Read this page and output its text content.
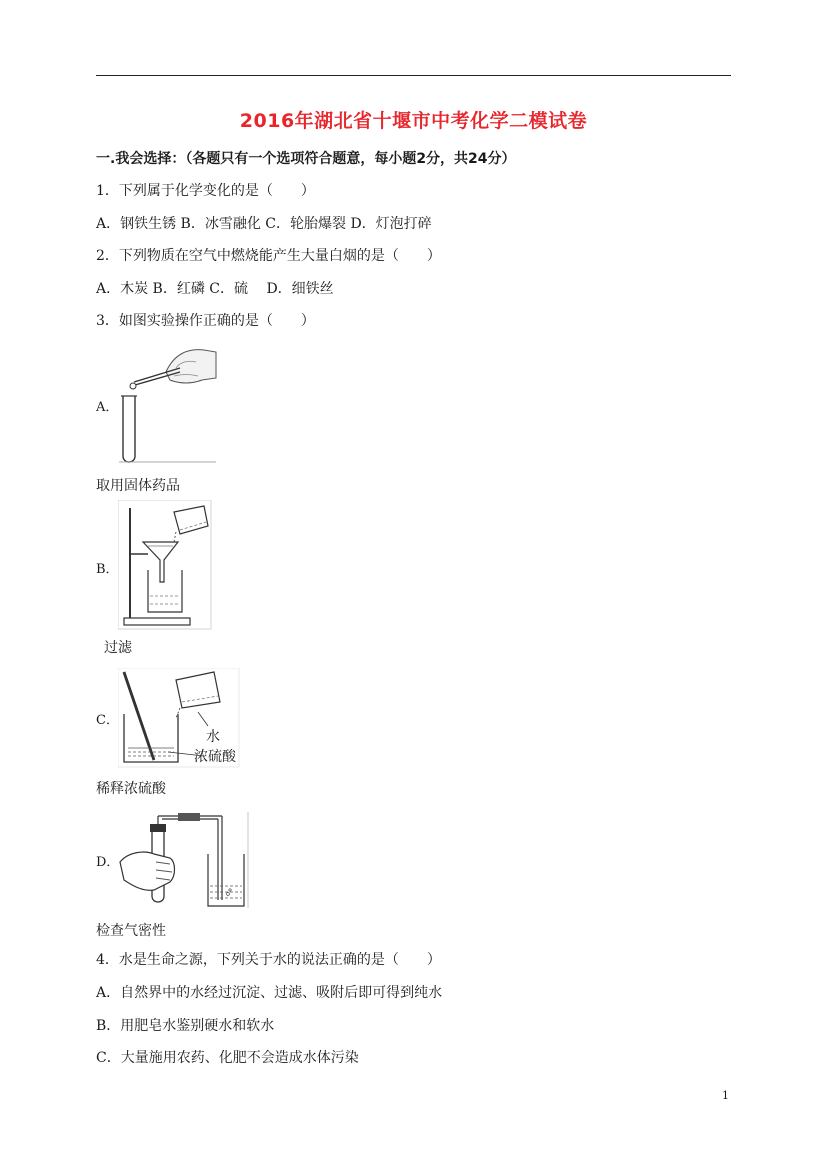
2016年湖北省十堰市中考化学二模试卷
一.我会选择：（各题只有一个选项符合题意，每小题2分，共24分）
1．下列属于化学变化的是（　　）
A．钢铁生锈 B．冰雪融化 C．轮胎爆裂 D．灯泡打碎
2．下列物质在空气中燃烧能产生大量白烟的是（　　）
A．木炭 B．红磷 C．硫　 D．细铁丝
3．如图实验操作正确的是（　　）
A．
取用固体药品
B．
过滤
C．
水
浓硫酸
稀释浓硫酸
D．
检查气密性
4．水是生命之源，下列关于水的说法正确的是（　　）
A．自然界中的水经过沉淀、过滤、吸附后即可得到纯水
B．用肥皂水鉴别硬水和软水
C．大量施用农药、化肥不会造成水体污染
1
